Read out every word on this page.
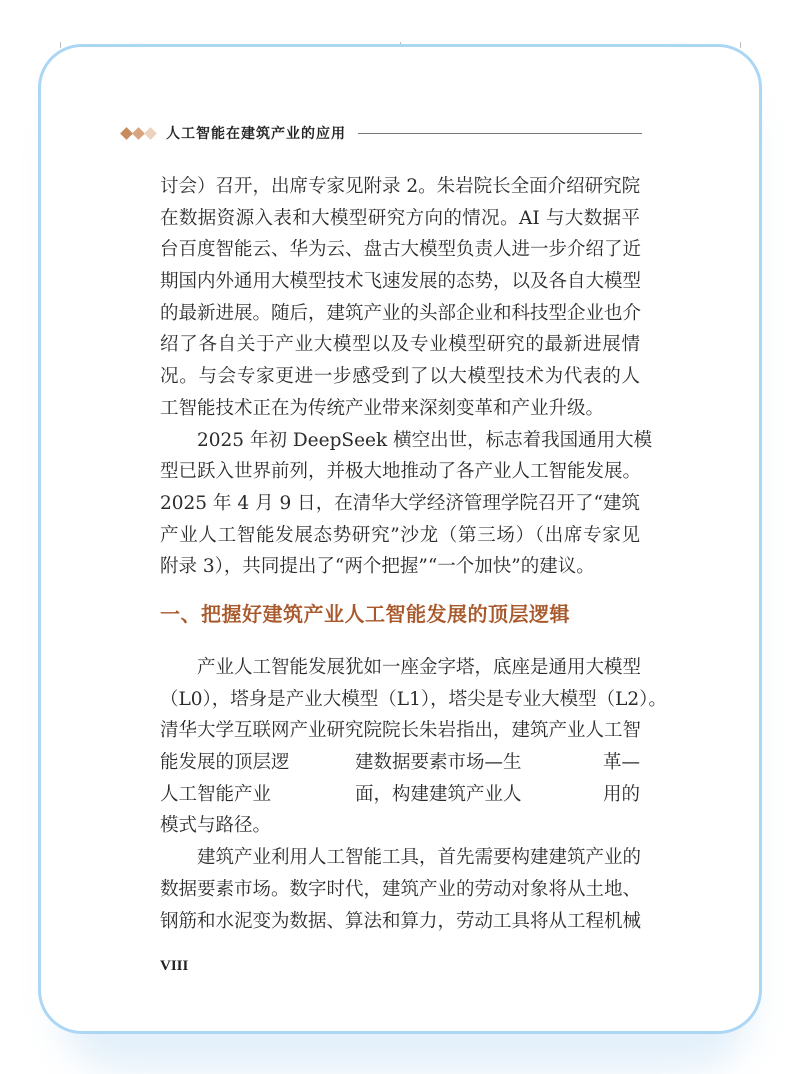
人工智能在建筑产业的应用
讨会）召开，出席专家见附录 2。朱岩院长全面介绍研究院
在数据资源入表和大模型研究方向的情况。AI 与大数据平
台百度智能云、华为云、盘古大模型负责人进一步介绍了近
期国内外通用大模型技术飞速发展的态势，以及各自大模型
的最新进展。随后，建筑产业的头部企业和科技型企业也介
绍了各自关于产业大模型以及专业模型研究的最新进展情
况。与会专家更进一步感受到了以大模型技术为代表的人
工智能技术正在为传统产业带来深刻变革和产业升级。
　　2025 年初 DeepSeek 横空出世，标志着我国通用大模
型已跃入世界前列，并极大地推动了各产业人工智能发展。
2025 年 4 月 9 日，在清华大学经济管理学院召开了“建筑
产业人工智能发展态势研究”沙龙（第三场）（出席专家见
附录 3），共同提出了“两个把握”“一个加快”的建议。
一、把握好建筑产业人工智能发展的顶层逻辑
　　产业人工智能发展犹如一座金字塔，底座是通用大模型
（L0），塔身是产业大模型（L1），塔尖是专业大模型（L2）。
清华大学互联网产业研究院院长朱岩指出，建筑产业人工智
能发展的顶层逻	建数据要素市场—生	革—
人工智能产业	面，构建建筑产业人	用的
模式与路径。
　　建筑产业利用人工智能工具，首先需要构建建筑产业的
数据要素市场。数字时代，建筑产业的劳动对象将从土地、
钢筋和水泥变为数据、算法和算力，劳动工具将从工程机械
VIII
